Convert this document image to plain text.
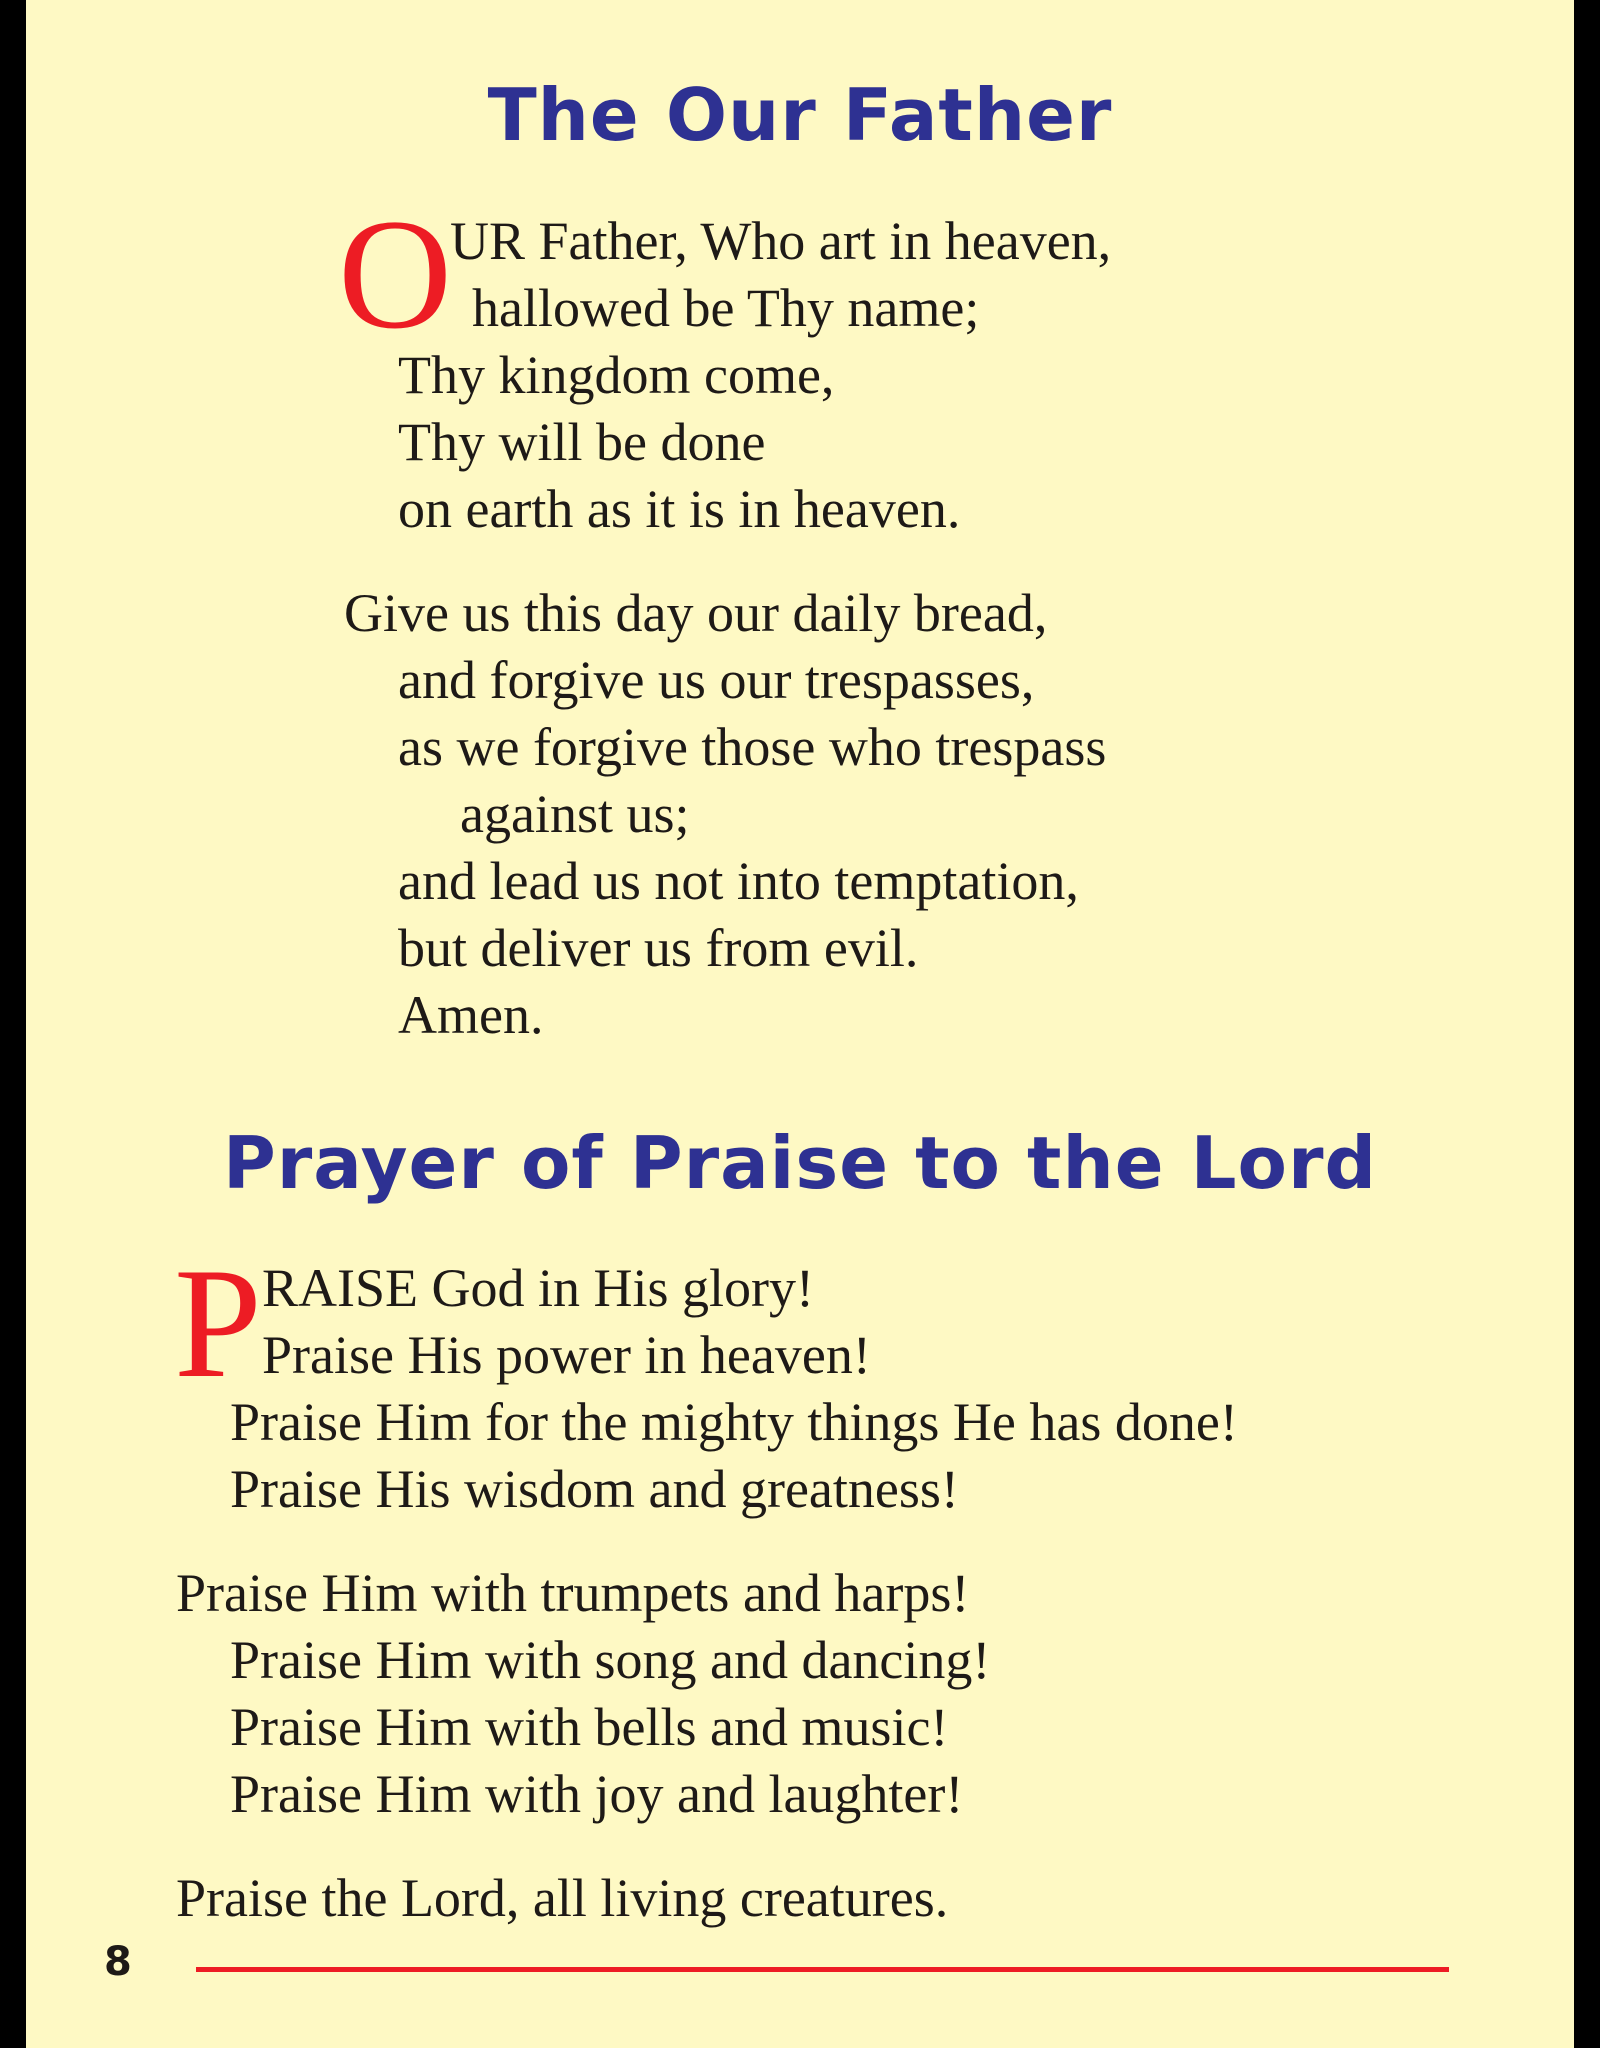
The Our Father
O
UR Father, Who art in heaven,
hallowed be Thy name;
Thy kingdom come,
Thy will be done
on earth as it is in heaven.
Give us this day our daily bread,
and forgive us our trespasses,
as we forgive those who trespass
against us;
and lead us not into temptation,
but deliver us from evil.
Amen.
Prayer of Praise to the Lord
P RAISE God in His glory!
Praise His power in heaven!
Praise Him for the mighty things He has done!
Praise His wisdom and greatness!
Praise Him with trumpets and harps!
Praise Him with song and dancing!
Praise Him with bells and music!
Praise Him with joy and laughter!
Praise the Lord, all living creatures.
8
